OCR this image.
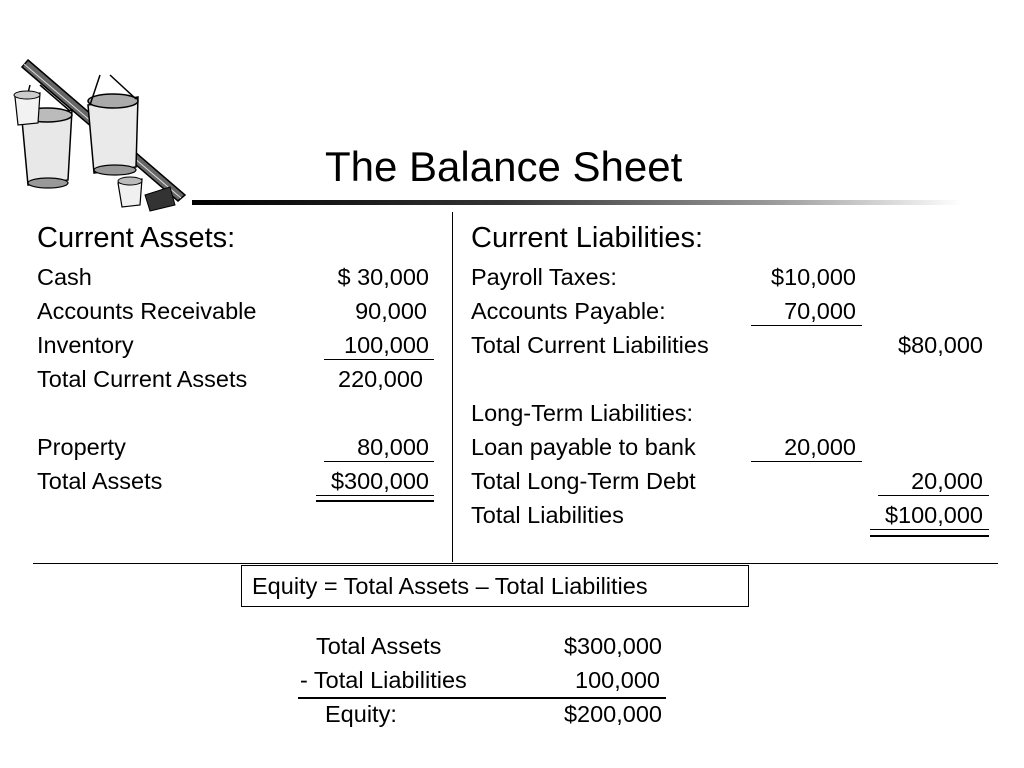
The Balance Sheet
Current Assets:
Cash	$ 30,000
Accounts Receivable	90,000
Inventory	100,000
Total Current Assets	220,000
Property	80,000
Total Assets	$300,000
Current Liabilities:
Payroll Taxes:	$10,000
Accounts Payable:	70,000
Total Current Liabilities	$80,000
Long-Term Liabilities:
Loan payable to bank	20,000
Total Long-Term Debt	20,000
Total Liabilities	$100,000
Equity = Total Assets – Total Liabilities
Total Assets	$300,000
- Total Liabilities	100,000
Equity:	$200,000
